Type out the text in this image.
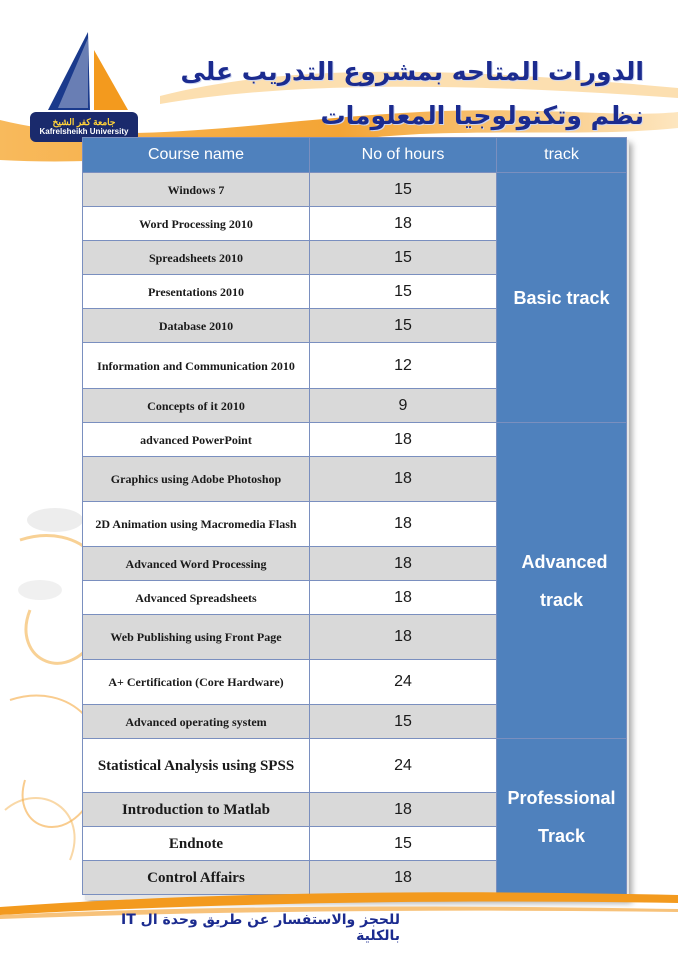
جامعة كفر الشيخ
Kafrelsheikh University
الدورات المتاحه بمشروع التدريب على نظم وتكنولوجيا المعلومات
Course name	No of hours	track
Windows 7	15	Basic track
Word Processing 2010	18	
Spreadsheets 2010	15	
Presentations 2010	15	
Database 2010	15	
Information and Communication 2010	12	
Concepts of it 2010	9	
advanced PowerPoint	18	Advanced track

Graphics using Adobe Photoshop	18	
2D Animation using Macromedia Flash	18	
Advanced Word Processing	18	
Advanced Spreadsheets	18	
Web Publishing using Front Page	18	
A+ Certification (Core Hardware)	24	
Advanced operating system	15	
Statistical Analysis using SPSS	24	Professional Track

Introduction to Matlab	18	
Endnote	15	
Control Affairs	18	
للحجز والاستفسار عن طريق وحدة ال IT بالكلية
